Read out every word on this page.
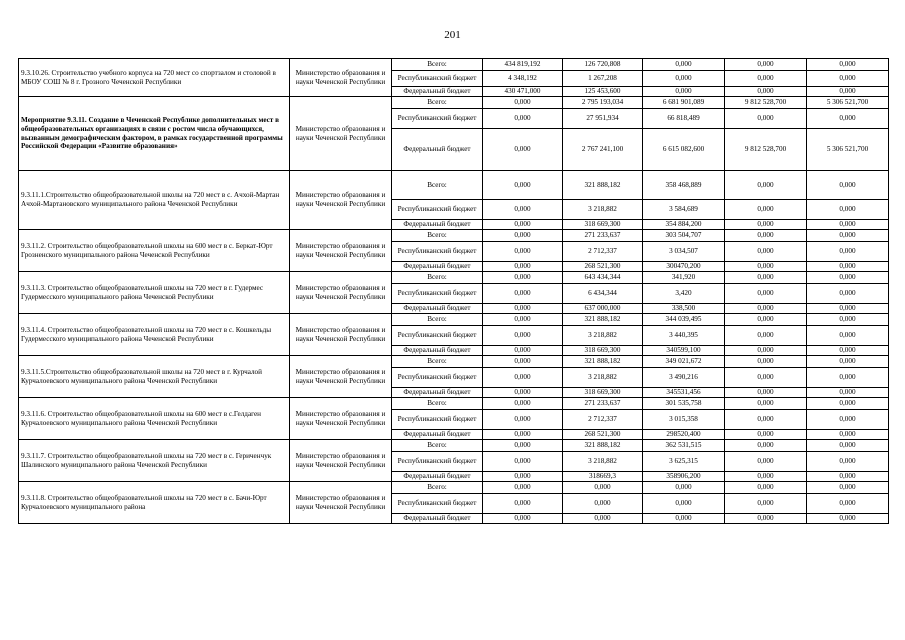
201
9.3.10.26. Строительство учебного корпуса на 720 мест со спортзалом и столовой в МБОУ СОШ № 8 г. Грозного Чеченской Республики	Министерство образования и науки Чеченской Республики	Всего:	434 819,192	126 720,808	0,000	0,000	0,000
		Республиканский бюджет	4 348,192	1 267,208	0,000	0,000	0,000
		Федеральный бюджет	430 471,000	125 453,600	0,000	0,000	0,000
Мероприятие 9.3.11. Создание в Чеченской Республике дополнительных мест в общеобразовательных организациях в связи с ростом числа обучающихся, вызванным демографическим фактором, в рамках государственной программы Российской Федерации «Развитие образования»	Министерство образования и науки Чеченской Республики	Всего:	0,000	2 795 193,034	6 681 901,089	9 812 528,700	5 306 521,700
		Республиканский бюджет	0,000	27 951,934	66 818,489	0,000	0,000
		Федеральный бюджет	0,000	2 767 241,100	6 615 082,600	9 812 528,700	5 306 521,700
9.3.11.1.Строительство общеобразовательной школы на 720 мест в с. Ачхой-Мартан Ачхой-Мартановского муниципального района Чеченской Республики	Министерство образования и науки Чеченской Республики	Всего:	0,000	321 888,182	358 468,889	0,000	0,000
		Республиканский бюджет	0,000	3 218,882	3 584,689	0,000	0,000
		Федеральный бюджет	0,000	318 669,300	354 884,200	0,000	0,000
9.3.11.2. Строительство общеобразовательной школы на 600 мест в с. Беркат-Юрт Грозненского муниципального района Чеченской Республики	Министерство образования и науки Чеченской Республики	Всего:	0,000	271 233,637	303 504,707	0,000	0,000
		Республиканский бюджет	0,000	2 712,337	3 034,507	0,000	0,000
		Федеральный бюджет	0,000	268 521,300	300470,200	0,000	0,000
9.3.11.3. Строительство общеобразовательной школы на 720 мест в г. Гудермес Гудермесского муниципального района Чеченской Республики	Министерство образования и науки Чеченской Республики	Всего:	0,000	643 434,344	341,920	0,000	0,000
		Республиканский бюджет	0,000	6 434,344	3,420	0,000	0,000
		Федеральный бюджет	0,000	637 000,000	338,500	0,000	0,000
9.3.11.4. Строительство общеобразовательной школы на 720 мест в с. Кошкельды Гудермесского муниципального района Чеченской Республики	Министерство образования и науки Чеченской Республики	Всего:	0,000	321 888,182	344 039,495	0,000	0,000
		Республиканский бюджет	0,000	3 218,882	3 440,395	0,000	0,000
		Федеральный бюджет	0,000	318 669,300	340599,100	0,000	0,000
9.3.11.5.Строительство общеобразовательной школы на 720 мест в г. Курчалой Курчалоевского муниципального района Чеченской Республики	Министерство образования и науки Чеченской Республики	Всего:	0,000	321 888,182	349 021,672	0,000	0,000
		Республиканский бюджет	0,000	3 218,882	3 490,216	0,000	0,000
		Федеральный бюджет	0,000	318 669,300	345531,456	0,000	0,000
9.3.11.6. Строительство общеобразовательной школы на 600 мест в с.Гелдаген Курчалоевского муниципального района Чеченской Республики	Министерство образования и науки Чеченской Республики	Всего:	0,000	271 233,637	301 535,758	0,000	0,000
		Республиканский бюджет	0,000	2 712,337	3 015,358	0,000	0,000
		Федеральный бюджет	0,000	268 521,300	298520,400	0,000	0,000
9.3.11.7. Строительство общеобразовательной школы на 720 мест в с. Гериченчук Шалинского муниципального района Чеченской Республики	Министерство образования и науки Чеченской Республики	Всего:	0,000	321 888,182	362 531,515	0,000	0,000
		Республиканский бюджет	0,000	3 218,882	3 625,315	0,000	0,000
		Федеральный бюджет	0,000	318669,3	358906,200	0,000	0,000
9.3.11.8. Строительство общеобразовательной школы на 720 мест в с. Бачи-Юрт Курчалоевского муниципального района	Министерство образования и науки Чеченской Республики	Всего:	0,000	0,000	0,000	0,000	0,000
		Республиканский бюджет	0,000	0,000	0,000	0,000	0,000
		Федеральный бюджет	0,000	0,000	0,000	0,000	0,000
